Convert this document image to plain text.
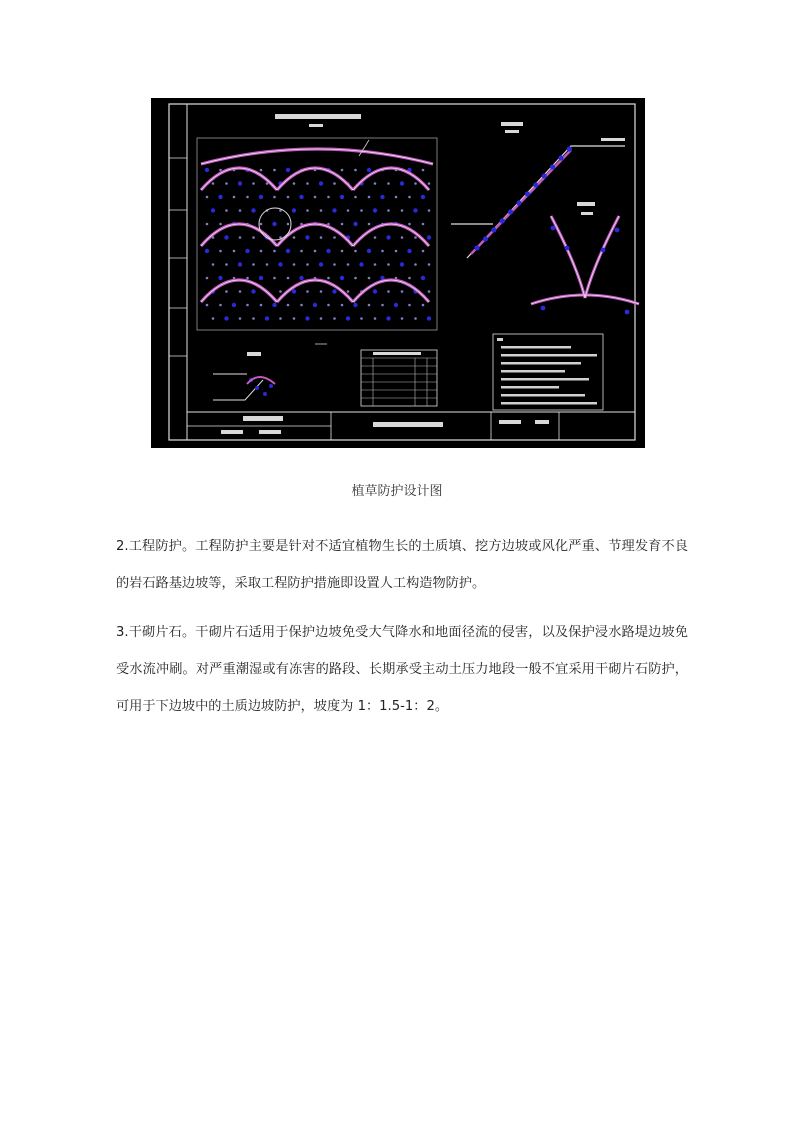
植草防护设计图

2.工程防护。工程防护主要是针对不适宜植物生长的土质填、挖方边坡或风化严重、节理发育不良的岩石路基边坡等，采取工程防护措施即设置人工构造物防护。

3.干砌片石。干砌片石适用于保护边坡免受大气降水和地面径流的侵害，以及保护浸水路堤边坡免受水流冲刷。对严重潮湿或有冻害的路段、长期承受主动土压力地段一般不宜采用干砌片石防护，可用于下边坡中的土质边坡防护，坡度为 1：1.5-1：2。
